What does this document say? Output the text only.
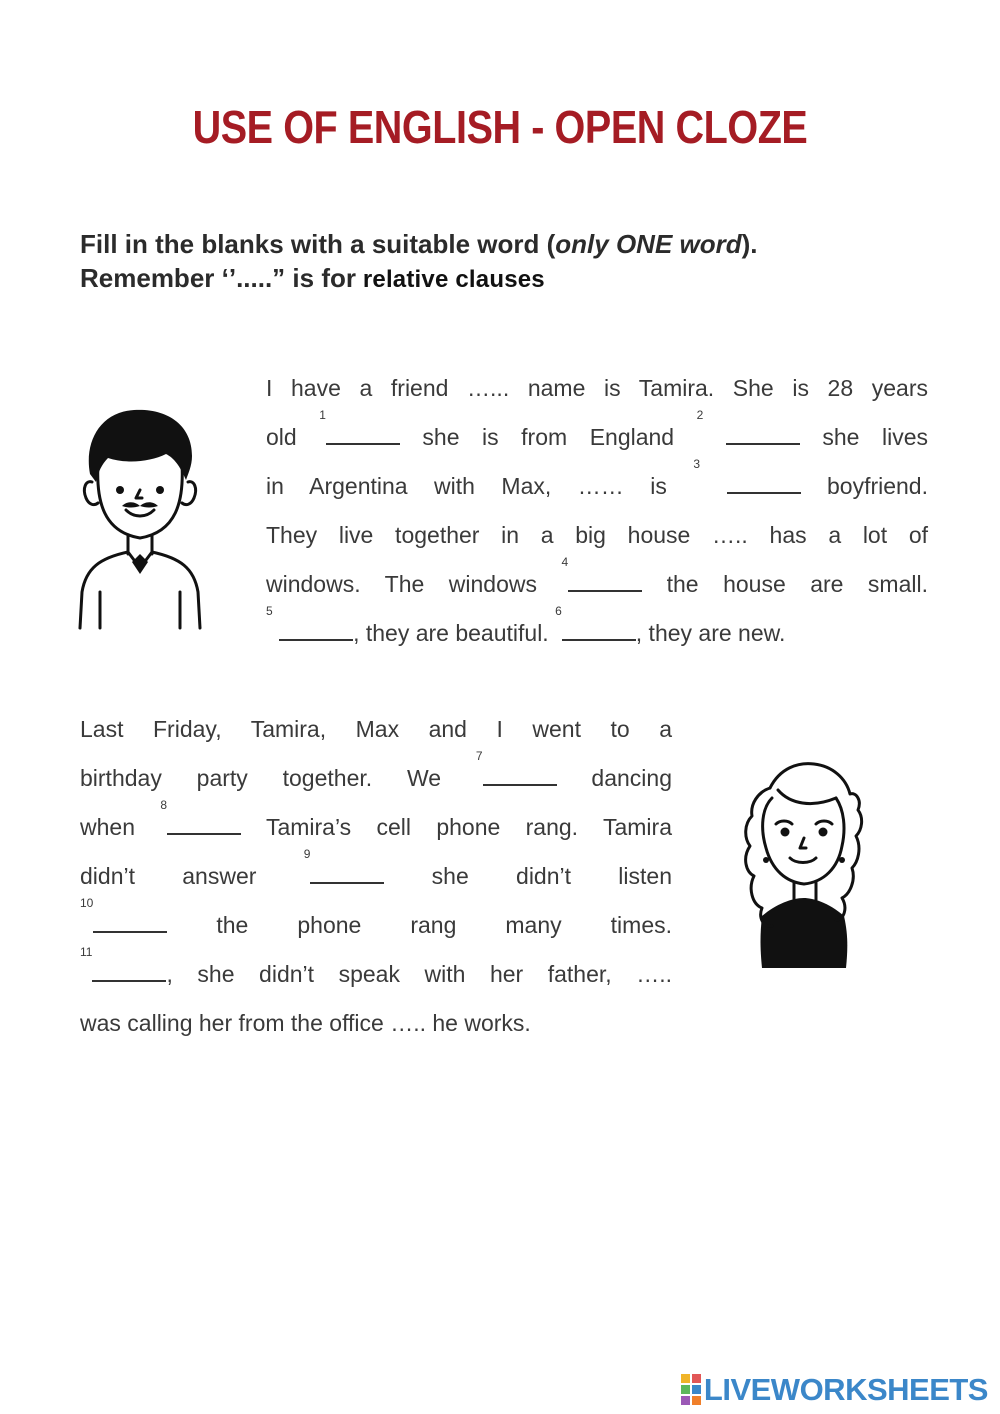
USE OF ENGLISH - OPEN CLOZE
Fill in the blanks with a suitable word (only ONE word).
Remember ‘’.....” is for relative clauses
I have a friend …... name is Tamira. She is 28 years
old $^1$ she is from England $^2$  she lives
in Argentina with Max, …… is $^3$  boyfriend.
They live together in a big house ….. has a lot of
windows. The windows $^4$ the house are small.
$^5$ , they are beautiful. $^6$, they are new.
Last Friday, Tamira, Max and I went to a
birthday party together. We $^7$ dancing
when $^8$ Tamira’s cell phone rang. Tamira
didn’t answer $^9$ she didn’t listen
$^{10}$ the phone rang many times.
$^{11}$, she didn’t speak with her father, …..
was calling her from the office ….. he works.
LIVEWORKSHEETS
